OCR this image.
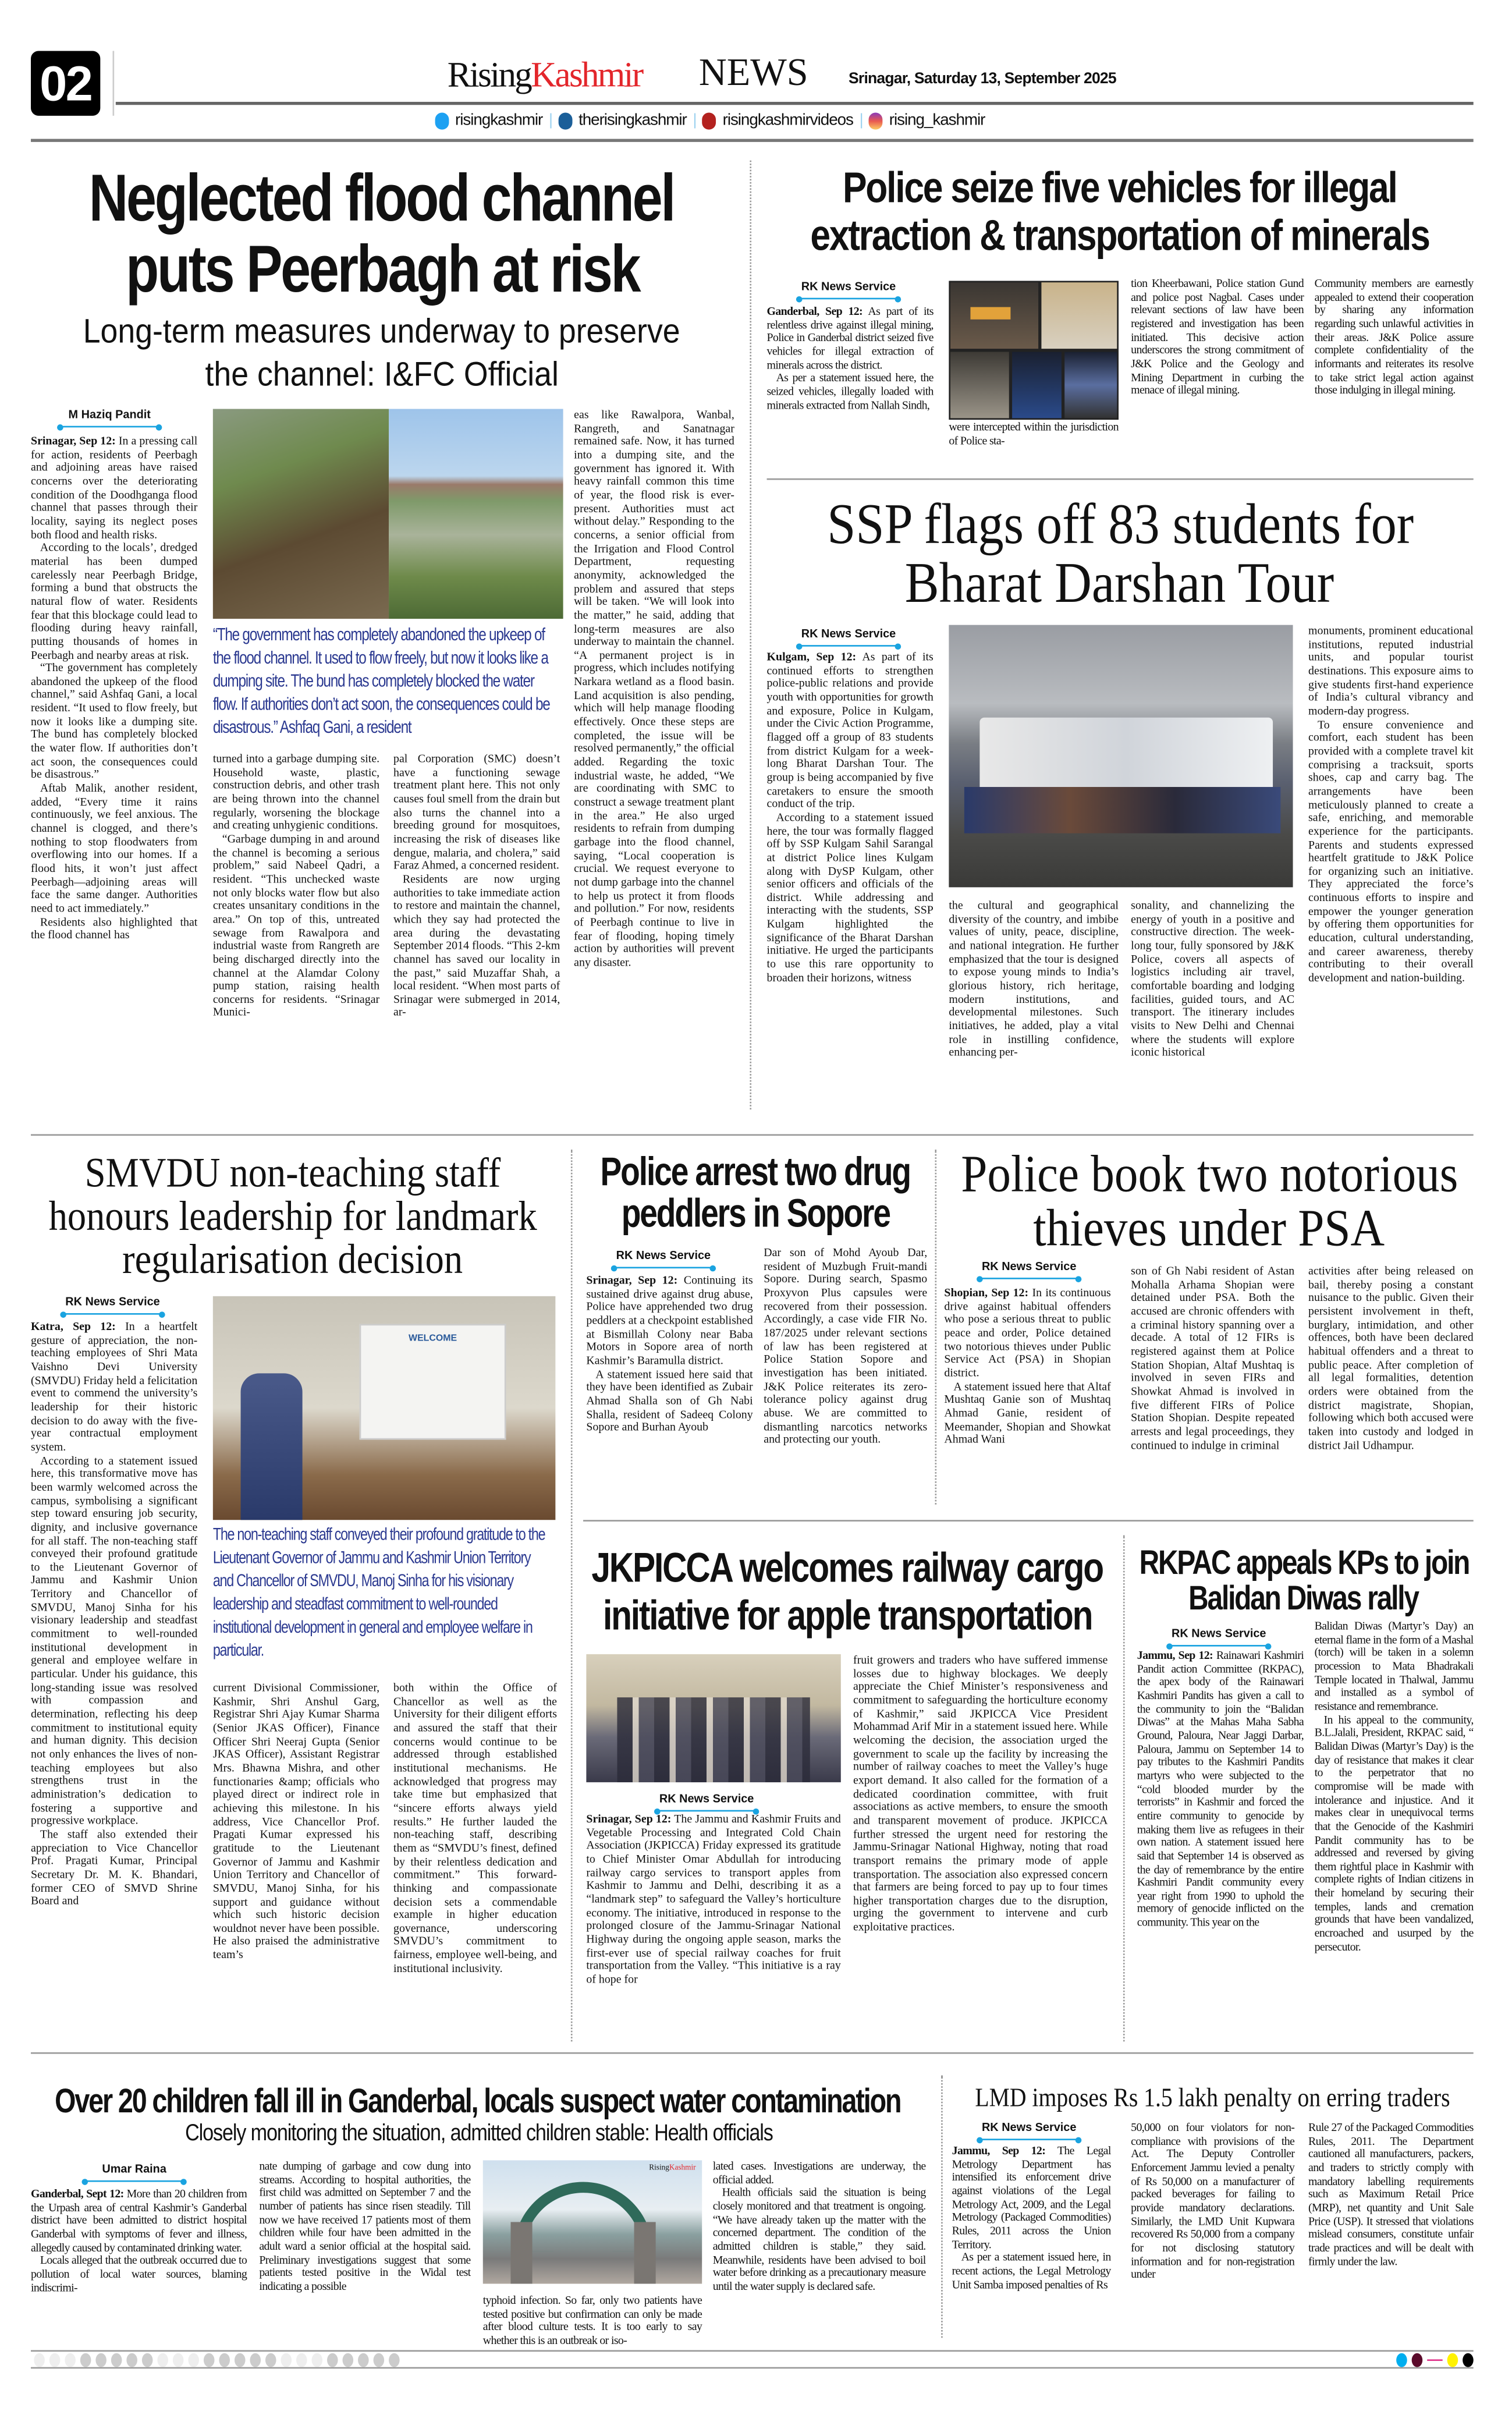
02	RisingKashmir	NEWS	Srinagar, Saturday 13, September 2025
risingkashmir |	therisingkashmir |	risingkashmirvideos |	rising_kashmir
Neglected flood channel
puts Peerbagh at risk
Long-term measures underway to preserve
the channel: I&FC Official
M Haziq Pandit

Srinagar, Sep 12: In a pressing call for action, residents of Peerbagh and adjoining areas have raised concerns over the deteriorating condition of the Doodhganga flood channel that passes through their locality, saying its neglect poses both flood and health risks.

According to the locals’, dredged material has been dumped carelessly near Peerbagh Bridge, forming a bund that obstructs the natural flow of water. Residents fear that this blockage could lead to flooding during heavy rainfall, putting thousands of homes in Peerbagh and nearby areas at risk.

“The government has completely abandoned the upkeep of the flood channel,” said Ashfaq Gani, a local resident. “It used to flow freely, but now it looks like a dumping site. The bund has completely blocked the water flow. If authorities don’t act soon, the consequences could be disastrous.”

Aftab Malik, another resident, added, “Every time it rains continuously, we feel anxious. The channel is clogged, and there’s nothing to stop floodwaters from overflowing into our homes. If a flood hits, it won’t just affect Peerbagh—adjoining areas will face the same danger. Authorities need to act immediately.”

Residents also highlighted that the flood channel has

“The government has completely abandoned the upkeep of the flood channel. It used to flow freely, but now it looks like a dumping site. The bund has completely blocked the water flow. If authorities don’t act soon, the consequences could be disastrous.” Ashfaq Gani, a resident

turned into a garbage dumping site. Household waste, plastic, construction debris, and other trash are being thrown into the channel regularly, worsening the blockage and creating unhygienic conditions.

“Garbage dumping in and around the channel is becoming a serious problem,” said Nabeel Qadri, a resident. “This unchecked waste not only blocks water flow but also creates unsanitary conditions in the area.” On top of this, untreated sewage from Rawalpora and industrial waste from Rangreth are being discharged directly into the channel at the Alamdar Colony pump station, raising health concerns for residents. “Srinagar Munici-

pal Corporation (SMC) doesn’t have a functioning sewage treatment plant here. This not only causes foul smell from the drain but also turns the channel into a breeding ground for mosquitoes, increasing the risk of diseases like dengue, malaria, and cholera,” said Faraz Ahmed, a concerned resident.

Residents are now urging authorities to take immediate action to restore and maintain the channel, which they say had protected the area during the devastating September 2014 floods. “This 2-km channel has saved our locality in the past,” said Muzaffar Shah, a local resident. “When most parts of Srinagar were submerged in 2014, ar-

eas like Rawalpora, Wanbal, Rangreth, and Sanatnagar remained safe. Now, it has turned into a dumping site, and the government has ignored it. With heavy rainfall common this time of year, the flood risk is ever-present. Authorities must act without delay.” Responding to the concerns, a senior official from the Irrigation and Flood Control Department, requesting anonymity, acknowledged the problem and assured that steps will be taken. “We will look into the matter,” he said, adding that long-term measures are also underway to maintain the channel. “A permanent project is in progress, which includes notifying Narkara wetland as a flood basin. Land acquisition is also pending, which will help manage flooding effectively. Once these steps are completed, the issue will be resolved permanently,” the official added. Regarding the toxic industrial waste, he added, “We are coordinating with SMC to construct a sewage treatment plant in the area.” He also urged residents to refrain from dumping garbage into the flood channel, saying, “Local cooperation is crucial. We request everyone to not dump garbage into the channel to help us protect it from floods and pollution.” For now, residents of Peerbagh continue to live in fear of flooding, hoping timely action by authorities will prevent any disaster.

Police seize five vehicles for illegal
extraction & transportation of minerals
RK News Service

Ganderbal, Sep 12: As part of its relentless drive against illegal mining, Police in Ganderbal district seized five vehicles for illegal extraction of minerals across the district.

As per a statement issued here, the seized vehicles, illegally loaded with minerals extracted from Nallah Sindh,

were intercepted within the jurisdiction of Police sta-

tion Kheerbawani, Police station Gund and police post Nagbal. Cases under relevant sections of law have been registered and investigation has been initiated. This decisive action underscores the strong commitment of J&K Police and the Geology and Mining Department in curbing the menace of illegal mining.

Community members are earnestly appealed to extend their cooperation by sharing any information regarding such unlawful activities in their areas. J&K Police assure complete confidentiality of the informants and reiterates its resolve to take strict legal action against those indulging in illegal mining.

SSP flags off 83 students for
Bharat Darshan Tour
RK News Service

Kulgam, Sep 12: As part of its continued efforts to strengthen police-public relations and provide youth with opportunities for growth and exposure, Police in Kulgam, under the Civic Action Programme, flagged off a group of 83 students from district Kulgam for a week-long Bharat Darshan Tour. The group is being accompanied by five caretakers to ensure the smooth conduct of the trip.

According to a statement issued here, the tour was formally flagged off by SSP Kulgam Sahil Sarangal at district Police lines Kulgam along with DySP Kulgam, other senior officers and officials of the district. While addressing and interacting with the students, SSP Kulgam highlighted the significance of the Bharat Darshan initiative. He urged the participants to use this rare opportunity to broaden their horizons, witness

the cultural and geographical diversity of the country, and imbibe values of unity, peace, discipline, and national integration. He further emphasized that the tour is designed to expose young minds to India’s glorious history, rich heritage, modern institutions, and developmental milestones. Such initiatives, he added, play a vital role in instilling confidence, enhancing per-

sonality, and channelizing the energy of youth in a positive and constructive direction. The week-long tour, fully sponsored by J&K Police, covers all aspects of logistics including air travel, comfortable boarding and lodging facilities, guided tours, and AC transport. The itinerary includes visits to New Delhi and Chennai where the students will explore iconic historical

monuments, prominent educational institutions, reputed industrial units, and popular tourist destinations. This exposure aims to give students first-hand experience of India’s cultural vibrancy and modern-day progress.

To ensure convenience and comfort, each student has been provided with a complete travel kit comprising a tracksuit, sports shoes, cap and carry bag. The arrangements have been meticulously planned to create a safe, enriching, and memorable experience for the participants. Parents and students expressed heartfelt gratitude to J&K Police for organizing such an initiative. They appreciated the force’s continuous efforts to inspire and empower the younger generation by offering them opportunities for education, cultural understanding, and career awareness, thereby contributing to their overall development and nation-building.

SMVDU non-teaching staff
honours leadership for landmark
regularisation decision
RK News Service

Katra, Sep 12: In a heartfelt gesture of appreciation, the non-teaching employees of Shri Mata Vaishno Devi University (SMVDU) Friday held a felicitation event to commend the university’s leadership for their historic decision to do away with the five-year contractual employment system.

According to a statement issued here, this transformative move has been warmly welcomed across the campus, symbolising a significant step toward ensuring job security, dignity, and inclusive governance for all staff. The non-teaching staff conveyed their profound gratitude to the Lieutenant Governor of Jammu and Kashmir Union Territory and Chancellor of SMVDU, Manoj Sinha for his visionary leadership and steadfast commitment to well-rounded institutional development in general and employee welfare in particular. Under his guidance, this long-standing issue was resolved with compassion and determination, reflecting his deep commitment to institutional equity and human dignity. This decision not only enhances the lives of non-teaching employees but also strengthens trust in the administration’s dedication to fostering a supportive and progressive workplace.

The staff also extended their appreciation to Vice Chancellor Prof. Pragati Kumar, Principal Secretary Dr. M. K. Bhandari, former CEO of SMVD Shrine Board and

WELCOME
The non-teaching staff conveyed their profound gratitude to the Lieutenant Governor of Jammu and Kashmir Union Territory and Chancellor of SMVDU, Manoj Sinha for his visionary leadership and steadfast commitment to well-rounded institutional development in general and employee welfare in particular.

current Divisional Commissioner, Kashmir, Shri Anshul Garg, Registrar Shri Ajay Kumar Sharma (Senior JKAS Officer), Finance Officer Shri Neeraj Gupta (Senior JKAS Officer), Assistant Registrar Mrs. Bhawna Mishra, and other functionaries &amp; officials who played direct or indirect role in achieving this milestone. In his address, Vice Chancellor Prof. Pragati Kumar expressed his gratitude to the Lieutenant Governor of Jammu and Kashmir Union Territory and Chancellor of SMVDU, Manoj Sinha, for his support and guidance without which such historic decision wouldnot never have been possible. He also praised the administrative team’s

both within the Office of Chancellor as well as the University for their diligent efforts and assured the staff that their concerns would continue to be addressed through established institutional mechanisms. He acknowledged that progress may take time but emphasized that “sincere efforts always yield results.” He further lauded the non-teaching staff, describing them as “SMVDU’s finest, defined by their relentless dedication and commitment.” This forward-thinking and compassionate decision sets a commendable example in higher education governance, underscoring SMVDU’s commitment to fairness, employee well-being, and institutional inclusivity.

Police arrest two drug
peddlers in Sopore
RK News Service

Srinagar, Sep 12: Continuing its sustained drive against drug abuse, Police have apprehended two drug peddlers at a checkpoint established at Bismillah Colony near Baba Motors in Sopore area of north Kashmir’s Baramulla district.

A statement issued here said that they have been identified as Zubair Ahmad Shalla son of Gh Nabi Shalla, resident of Sadeeq Colony Sopore and Burhan Ayoub

Dar son of Mohd Ayoub Dar, resident of Muzbugh Fruit-mandi Sopore. During search, Spasmo Proxyvon Plus capsules were recovered from their possession. Accordingly, a case vide FIR No. 187/2025 under relevant sections of law has been registered at Police Station Sopore and investigation has been initiated. J&K Police reiterates its zero-tolerance policy against drug abuse. We are committed to dismantling narcotics networks and protecting our youth.

Police book two notorious
thieves under PSA
RK News Service

Shopian, Sep 12: In its continuous drive against habitual offenders who pose a serious threat to public peace and order, Police detained two notorious thieves under Public Service Act (PSA) in Shopian district.

A statement issued here that Altaf Mushtaq Ganie son of Mushtaq Ahmad Ganie, resident of Meemander, Shopian and Showkat Ahmad Wani

son of Gh Nabi resident of Astan Mohalla Arhama Shopian were detained under PSA. Both the accused are chronic offenders with a criminal history spanning over a decade. A total of 12 FIRs is registered against them at Police Station Shopian, Altaf Mushtaq is involved in seven FIRs and Showkat Ahmad is involved in five different FIRs of Police Station Shopian. Despite repeated arrests and legal proceedings, they continued to indulge in criminal

activities after being released on bail, thereby posing a constant nuisance to the public. Given their persistent involvement in theft, burglary, intimidation, and other offences, both have been declared habitual offenders and a threat to public peace. After completion of all legal formalities, detention orders were obtained from the district magistrate, Shopian, following which both accused were taken into custody and lodged in district Jail Udhampur.

JKPICCA welcomes railway cargo
initiative for apple transportation
RK News Service

Srinagar, Sep 12: The Jammu and Kashmir Fruits and Vegetable Processing and Integrated Cold Chain Association (JKPICCA) Friday expressed its gratitude to Chief Minister Omar Abdullah for introducing railway cargo services to transport apples from Kashmir to Jammu and Delhi, describing it as a “landmark step” to safeguard the Valley’s horticulture economy. The initiative, introduced in response to the prolonged closure of the Jammu-Srinagar National Highway during the ongoing apple season, marks the first-ever use of special railway coaches for fruit transportation from the Valley. “This initiative is a ray of hope for

fruit growers and traders who have suffered immense losses due to highway blockages. We deeply appreciate the Chief Minister’s responsiveness and commitment to safeguarding the horticulture economy of Kashmir,” said JKPICCA Vice President Mohammad Arif Mir in a statement issued here. While welcoming the decision, the association urged the government to scale up the facility by increasing the number of railway coaches to meet the Valley’s huge export demand. It also called for the formation of a dedicated coordination committee, with fruit associations as active members, to ensure the smooth and transparent movement of produce. JKPICCA further stressed the urgent need for restoring the Jammu-Srinagar National Highway, noting that road transport remains the primary mode of apple transportation. The association also expressed concern that farmers are being forced to pay up to four times higher transportation charges due to the disruption, urging the government to intervene and curb exploitative practices.

RKPAC appeals KPs to join
Balidan Diwas rally
RK News Service

Jammu, Sep 12: Rainawari Kashmiri Pandit action Committee (RKPAC), the apex body of the Rainawari Kashmiri Pandits has given a call to the community to join the “Balidan Diwas” at the Mahas Maha Sabha Ground, Paloura, Near Jaggi Darbar, Paloura, Jammu on September 14 to pay tributes to the Kashmiri Pandits martyrs who were subjected to the “cold blooded murder by the terrorists” in Kashmir and forced the entire community to genocide by making them live as refugees in their own nation. A statement issued here said that September 14 is observed as the day of remembrance by the entire Kashmiri Pandit community every year right from 1990 to uphold the memory of genocide inflicted on the community. This year on the

Balidan Diwas (Martyr’s Day) an eternal flame in the form of a Mashal (torch) will be taken in a solemn procession to Mata Bhadrakali Temple located in Thalwal, Jammu and installed as a symbol of resistance and remembrance.

In his appeal to the community, B.L.Jalali, President, RKPAC said, “ Balidan Diwas (Martyr’s Day) is the day of resistance that makes it clear to the perpetrator that no compromise will be made with intolerance and injustice. And it makes clear in unequivocal terms that the Genocide of the Kashmiri Pandit community has to be addressed and reversed by giving them rightful place in Kashmir with complete rights of Indian citizens in their homeland by securing their temples, lands and cremation grounds that have been vandalized, encroached and usurped by the persecutor.

Over 20 children fall ill in Ganderbal, locals suspect water contamination
Closely monitoring the situation, admitted children stable: Health officials
Umar Raina

Ganderbal, Sept 12: More than 20 children from the Urpash area of central Kashmir’s Ganderbal district have been admitted to district hospital Ganderbal with symptoms of fever and illness, allegedly caused by contaminated drinking water.

Locals alleged that the outbreak occurred due to pollution of local water sources, blaming indiscrimi-

nate dumping of garbage and cow dung into streams. According to hospital authorities, the first child was admitted on September 7 and the number of patients has since risen steadily. Till now we have received 17 patients most of them children while four have been admitted in the adult ward a senior official at the hospital said. Preliminary investigations suggest that some patients tested positive in the Widal test indicating a possible

RisingKashmir

typhoid infection. So far, only two patients have tested positive but confirmation can only be made after blood culture tests. It is too early to say whether this is an outbreak or iso-

lated cases. Investigations are underway, the official added.

Health officials said the situation is being closely monitored and that treatment is ongoing. “We have already taken up the matter with the concerned department. The condition of the admitted children is stable,” they said. Meanwhile, residents have been advised to boil water before drinking as a precautionary measure until the water supply is declared safe.

LMD imposes Rs 1.5 lakh penalty on erring traders
RK News Service

Jammu, Sep 12:	The Legal Metrology Department has intensified its enforcement drive against violations of the Legal Metrology Act, 2009, and the Legal Metrology (Packaged Commodities) Rules, 2011 across the Union Territory.

As per a statement issued here, in recent actions, the Legal Metrology Unit Samba imposed penalties of Rs

50,000 on four violators for non-compliance with provisions of the Act. The Deputy Controller Enforcement Jammu levied a penalty of Rs 50,000 on a manufacturer of packed beverages for failing to provide mandatory declarations. Similarly, the LMD Unit Kupwara recovered Rs 50,000 from a company for not disclosing statutory information and for non-registration under

Rule 27 of the Packaged Commodities Rules, 2011. The Department cautioned all manufacturers, packers, and traders to strictly comply with mandatory labelling requirements such as Maximum Retail Price (MRP), net quantity and Unit Sale Price (USP). It stressed that violations mislead consumers, constitute unfair trade practices and will be dealt with firmly under the law.
